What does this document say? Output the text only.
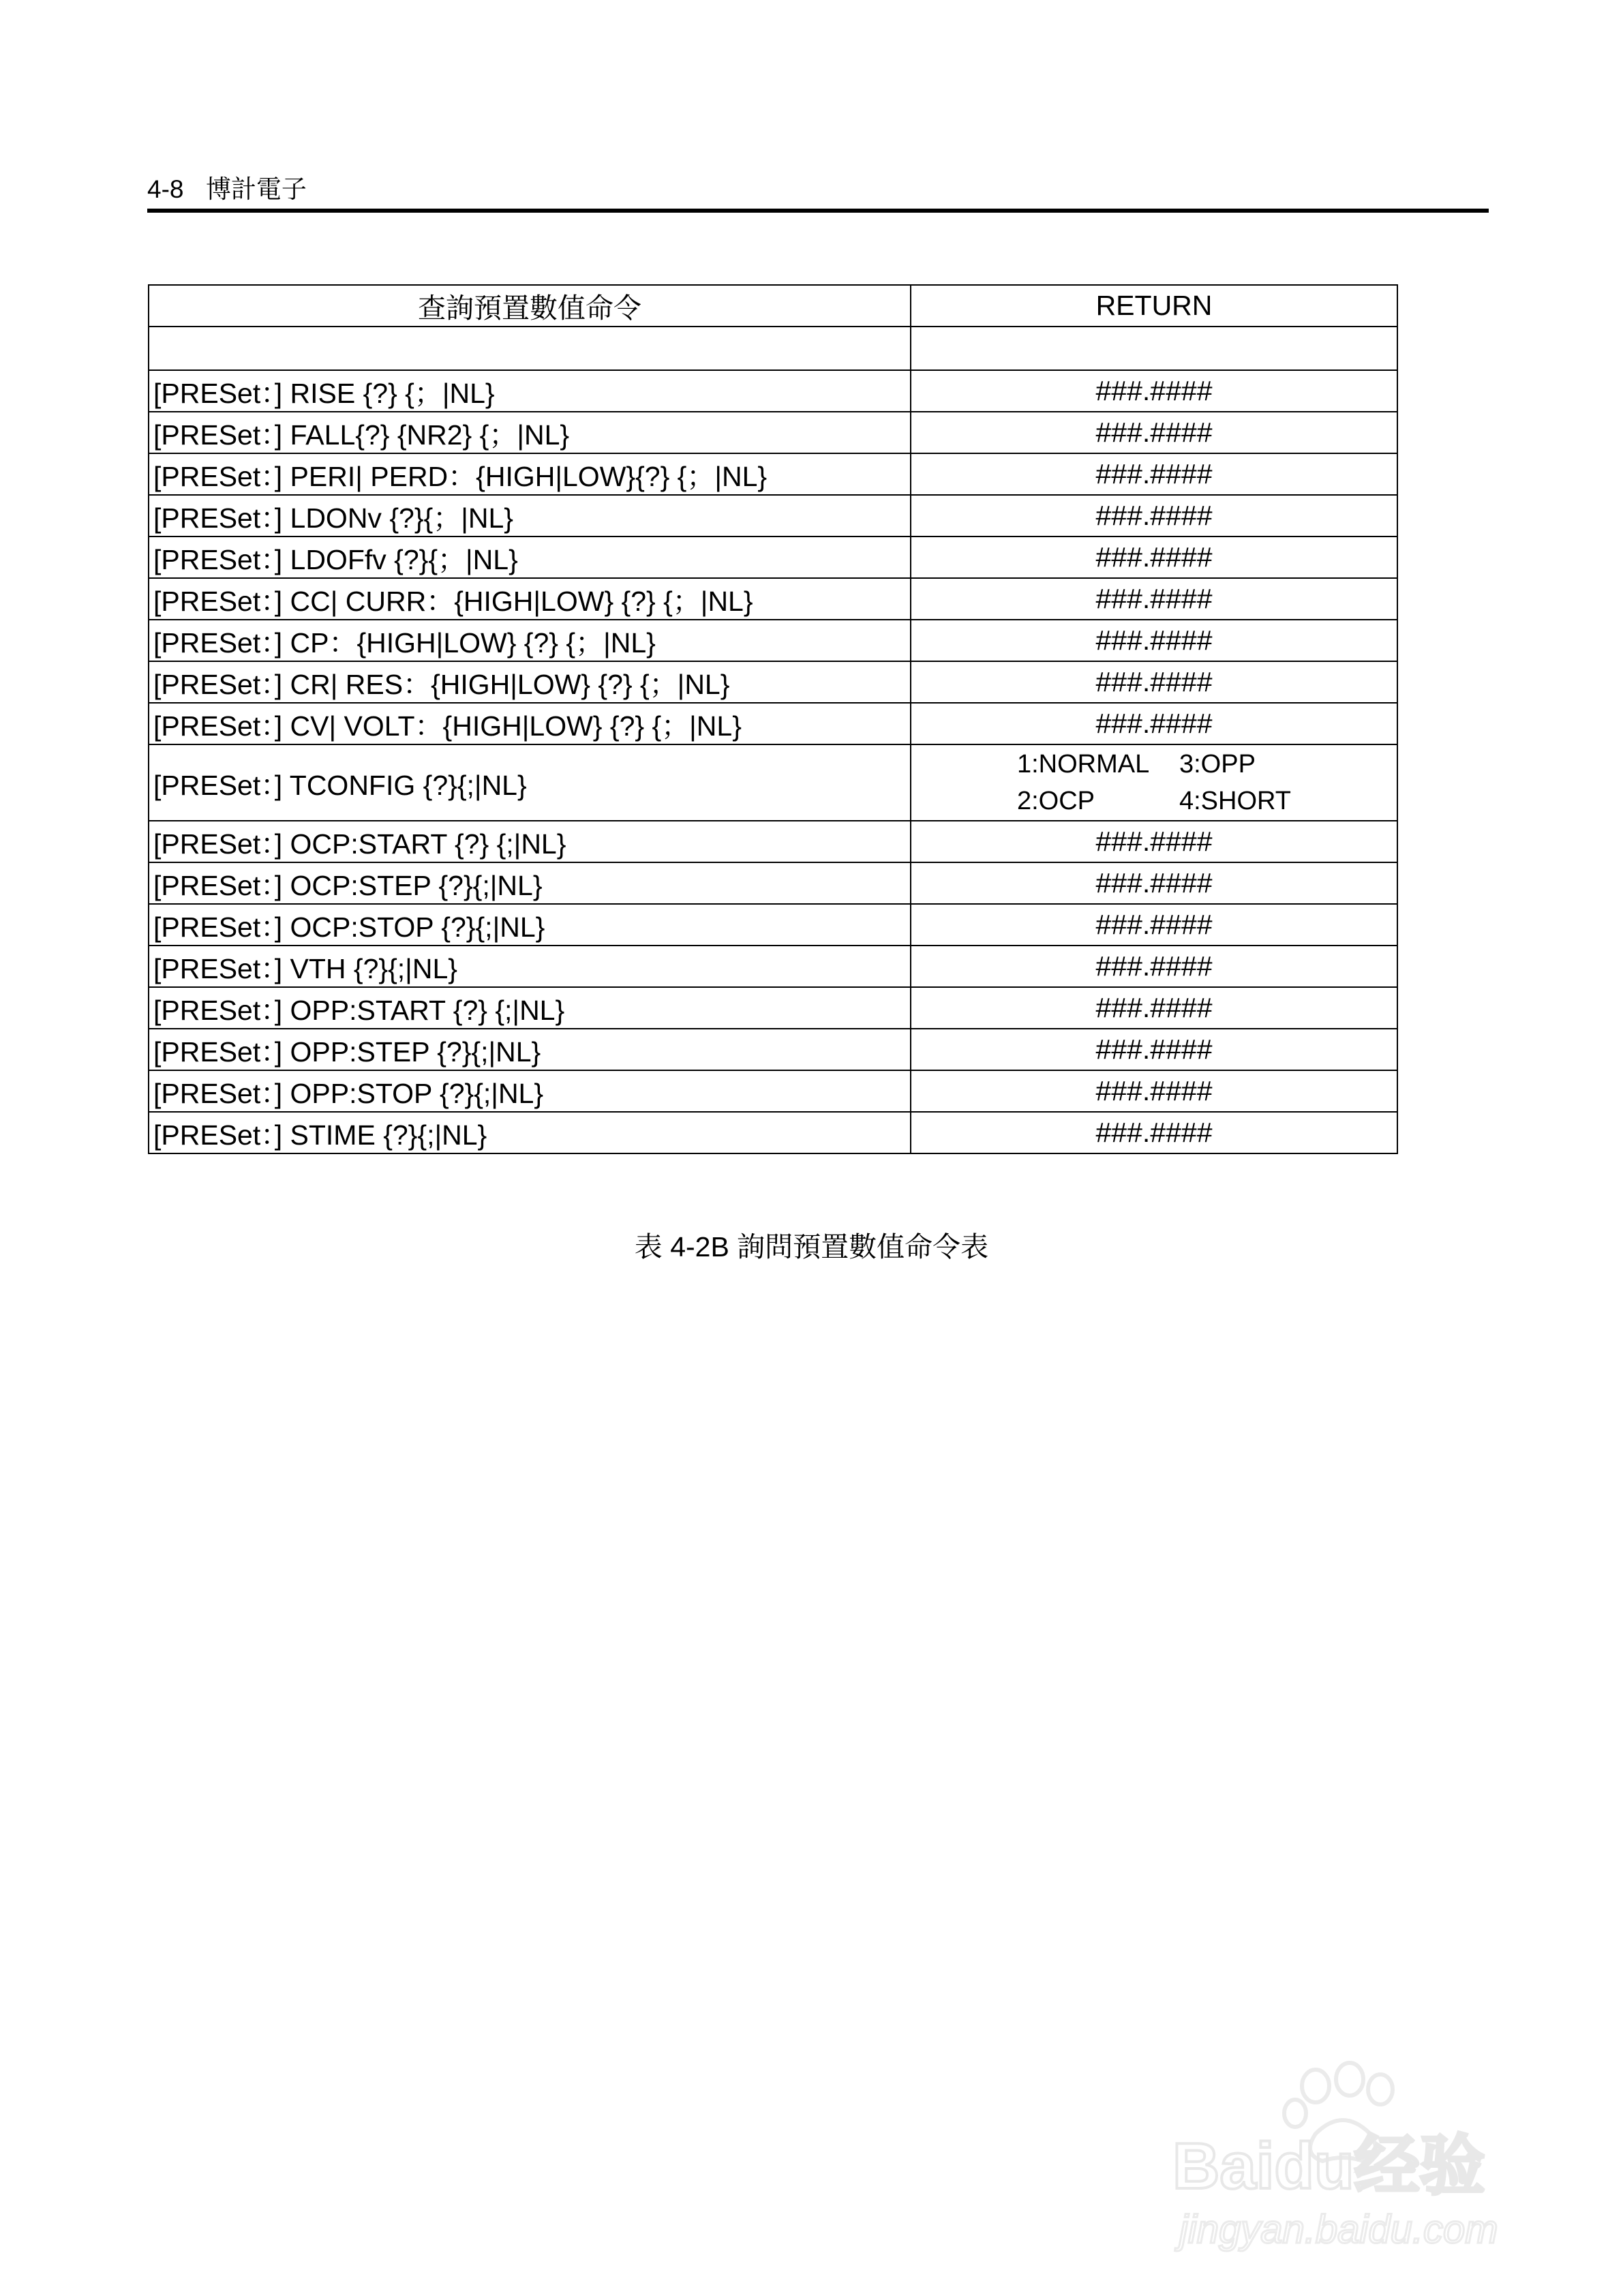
4-8 博計電子
查詢預置數值命令	RETURN

[PRESet：] RISE {?} {；|NL}	###.####
[PRESet：] FALL{?} {NR2} {；|NL}	###.####
[PRESet：] PERI| PERD：{HIGH|LOW}{?} {；|NL}	###.####
[PRESet：] LDONv {?}{；|NL}	###.####
[PRESet：] LDOFfv {?}{；|NL}	###.####
[PRESet：] CC| CURR：{HIGH|LOW} {?} {；|NL}	###.####
[PRESet：] CP：{HIGH|LOW} {?} {；|NL}	###.####
[PRESet：] CR| RES：{HIGH|LOW} {?} {；|NL}	###.####
[PRESet：] CV| VOLT：{HIGH|LOW} {?} {；|NL}	###.####
[PRESet：] TCONFIG {?}{;|NL}	1:NORMAL 3:OPP
2:OCP 4:SHORT

[PRESet：] OCP:START {?} {;|NL}	###.####
[PRESet：] OCP:STEP {?}{;|NL}	###.####
[PRESet：] OCP:STOP {?}{;|NL}	###.####
[PRESet：] VTH {?}{;|NL}	###.####
[PRESet：] OPP:START {?} {;|NL}	###.####
[PRESet：] OPP:STEP {?}{;|NL}	###.####
[PRESet：] OPP:STOP {?}{;|NL}	###.####
[PRESet：] STIME {?}{;|NL}	###.####
表 4-2B 詢問預置數值命令表
Baidu经验
jingyan.baidu.com
